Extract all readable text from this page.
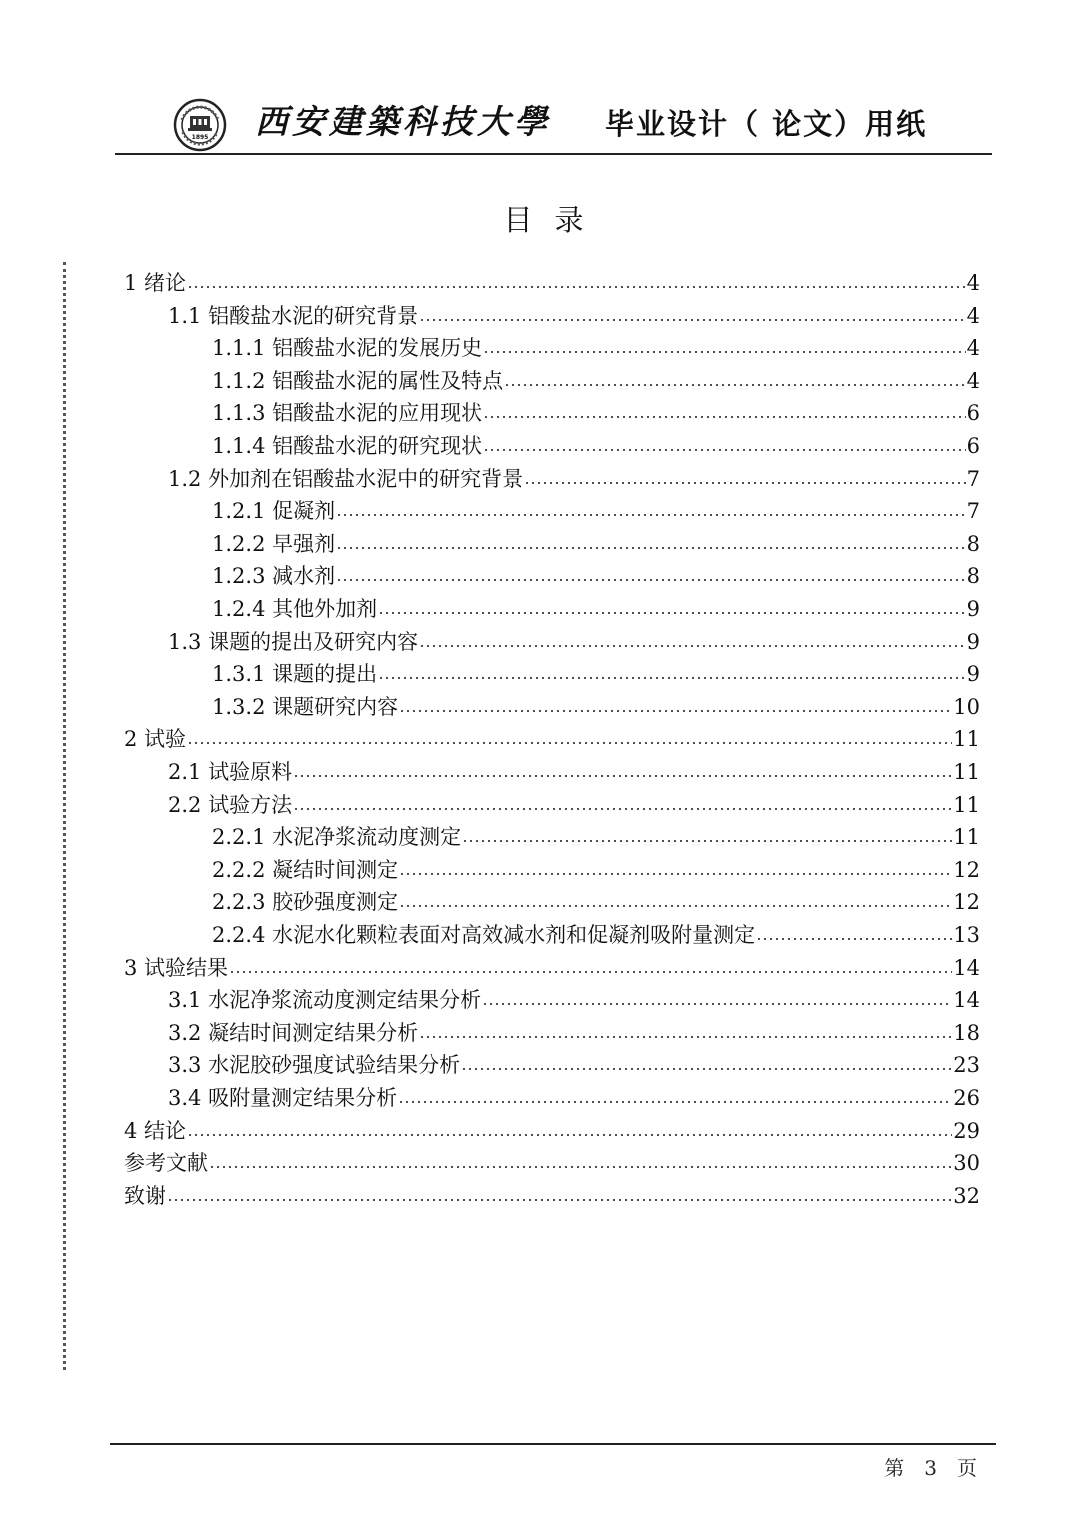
1895 西安建築科技大學 毕业设计（ 论文）用纸
目录
1 绪论	4
1.1 铝酸盐水泥的研究背景	4
1.1.1 铝酸盐水泥的发展历史	4
1.1.2 铝酸盐水泥的属性及特点	4
1.1.3 铝酸盐水泥的应用现状	6
1.1.4 铝酸盐水泥的研究现状	6
1.2 外加剂在铝酸盐水泥中的研究背景	7
1.2.1 促凝剂	7
1.2.2 早强剂	8
1.2.3 减水剂	8
1.2.4 其他外加剂	9
1.3 课题的提出及研究内容	9
1.3.1 课题的提出	9
1.3.2 课题研究内容	10
2 试验	11
2.1 试验原料	11
2.2 试验方法	11
2.2.1 水泥净浆流动度测定	11
2.2.2 凝结时间测定	12
2.2.3 胶砂强度测定	12
2.2.4 水泥水化颗粒表面对高效减水剂和促凝剂吸附量测定	13
3 试验结果	14
3.1 水泥净浆流动度测定结果分析	14
3.2 凝结时间测定结果分析	18
3.3 水泥胶砂强度试验结果分析	23
3.4 吸附量测定结果分析	26
4 结论	29
参考文献	30
致谢	32
第 3 页
